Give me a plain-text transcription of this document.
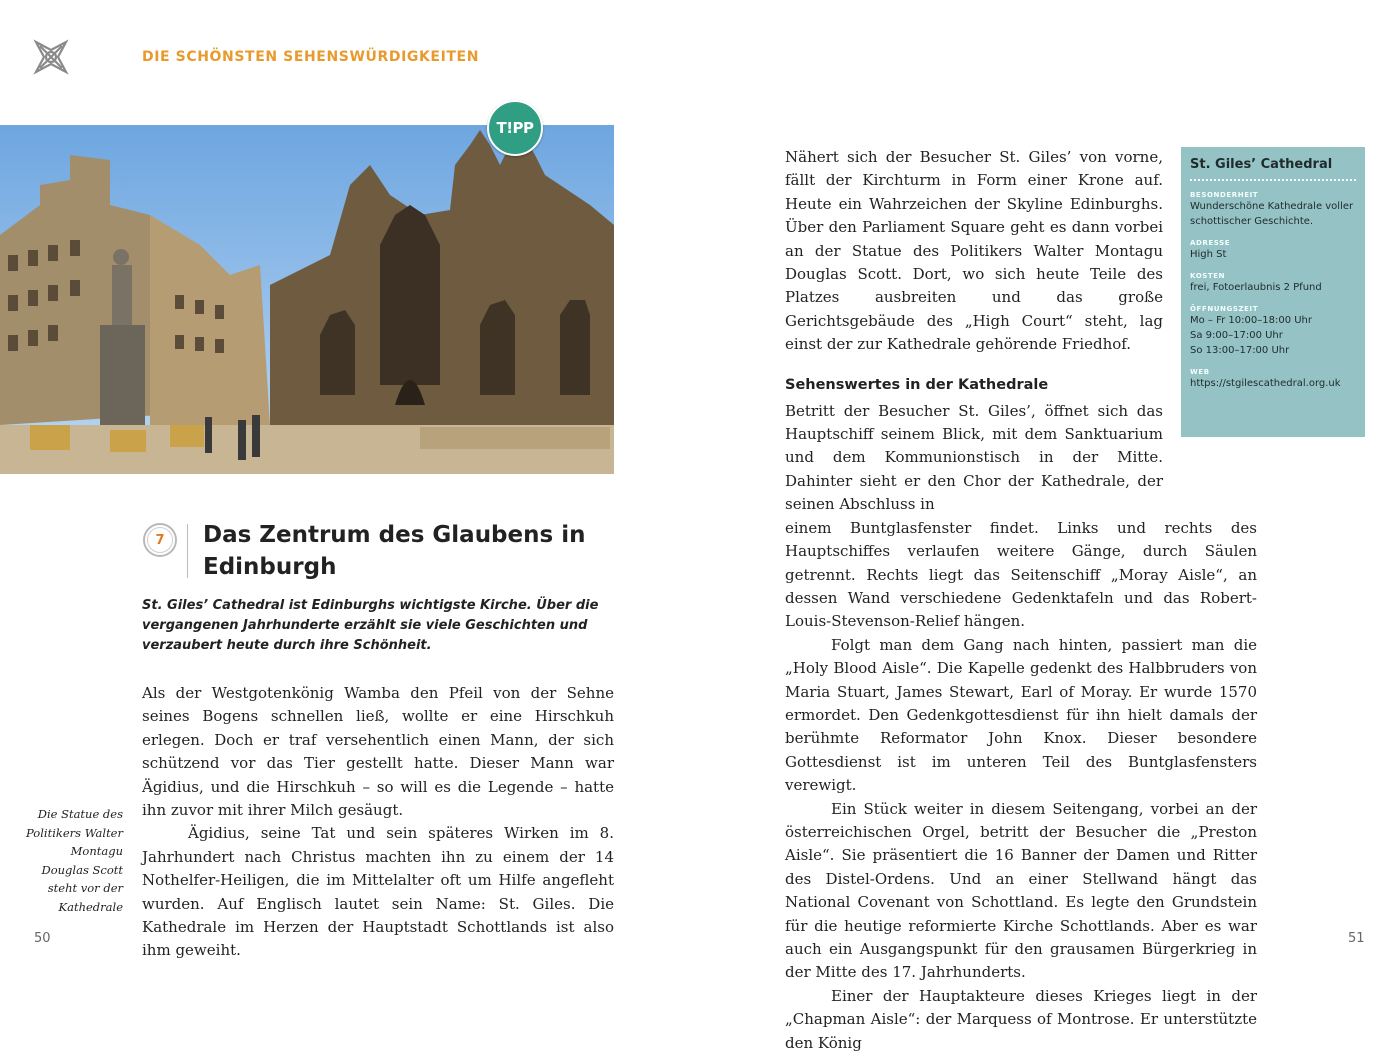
DIE SCHÖNSTEN SEHENSWÜRDIGKEITEN
T!PP
7	Das Zentrum des Glaubens in Edinburgh
St. Giles’ Cathedral ist Edinburghs wichtigste Kirche. Über die vergangenen Jahrhunderte erzählt sie viele Geschichten und verzaubert heute durch ihre Schönheit.

Als der Westgotenkönig Wamba den Pfeil von der Sehne seines Bogens schnellen ließ, wollte er eine Hirschkuh erlegen. Doch er traf versehentlich einen Mann, der sich schützend vor das Tier gestellt hatte. Dieser Mann war Ägidius, und die Hirschkuh – so will es die Legende – hatte ihn zuvor mit ihrer Milch gesäugt.

Ägidius, seine Tat und sein späteres Wirken im 8. Jahrhundert nach Christus machten ihn zu einem der 14 Nothelfer-Heiligen, die im Mittelalter oft um Hilfe angefleht wurden. Auf Englisch lautet sein Name: St. Giles. Die Kathedrale im Herzen der Hauptstadt Schottlands ist also ihm geweiht.

Die Statue des Politikers Walter Montagu Douglas Scott steht vor der Kathedrale
50	51

Nähert sich der Besucher St. Giles’ von vorne, fällt der Kirchturm in Form einer Krone auf. Heute ein Wahrzeichen der Skyline Edinburghs. Über den Parliament Square geht es dann vorbei an der Statue des Politikers Walter Montagu Douglas Scott. Dort, wo sich heute Teile des Platzes ausbreiten und das große Gerichtsgebäude des „High Court“ steht, lag einst der zur Kathedrale gehörende Friedhof.

Sehenswertes in der Kathedrale

Betritt der Besucher St. Giles’, öffnet sich das Hauptschiff seinem Blick, mit dem Sanktuarium und dem Kommunionstisch in der Mitte. Dahinter sieht er den Chor der Kathedrale, der seinen Abschluss in

einem Buntglasfenster findet. Links und rechts des Hauptschiffes verlaufen weitere Gänge, durch Säulen getrennt. Rechts liegt das Seitenschiff „Moray Aisle“, an dessen Wand verschiedene Gedenktafeln und das Robert-Louis-Stevenson-Relief hängen.

Folgt man dem Gang nach hinten, passiert man die „Holy Blood Aisle“. Die Kapelle gedenkt des Halbbruders von Maria Stuart, James Stewart, Earl of Moray. Er wurde 1570 ermordet. Den Gedenkgottesdienst für ihn hielt damals der berühmte Reformator John Knox. Dieser besondere Gottesdienst ist im unteren Teil des Buntglasfensters verewigt.

Ein Stück weiter in diesem Seitengang, vorbei an der österreichischen Orgel, betritt der Besucher die „Preston Aisle“. Sie präsentiert die 16 Banner der Damen und Ritter des Distel-Ordens. Und an einer Stellwand hängt das National Covenant von Schottland. Es legte den Grundstein für die heutige reformierte Kirche Schottlands. Aber es war auch ein Ausgangspunkt für den grausamen Bürgerkrieg in der Mitte des 17. Jahrhunderts.

Einer der Hauptakteure dieses Krieges liegt in der „Chapman Aisle“: der Marquess of Montrose. Er unterstützte den König

St. Giles’ Cathedral
BESONDERHEIT
Wunderschöne Kathedrale voller schottischer Geschichte.
ADRESSE
High St
KOSTEN
frei, Fotoerlaubnis 2 Pfund
ÖFFNUNGSZEIT
Mo – Fr 10:00–18:00 Uhr
Sa 9:00–17:00 Uhr
So 13:00–17:00 Uhr
WEB
https://stgilescathedral.org.uk
